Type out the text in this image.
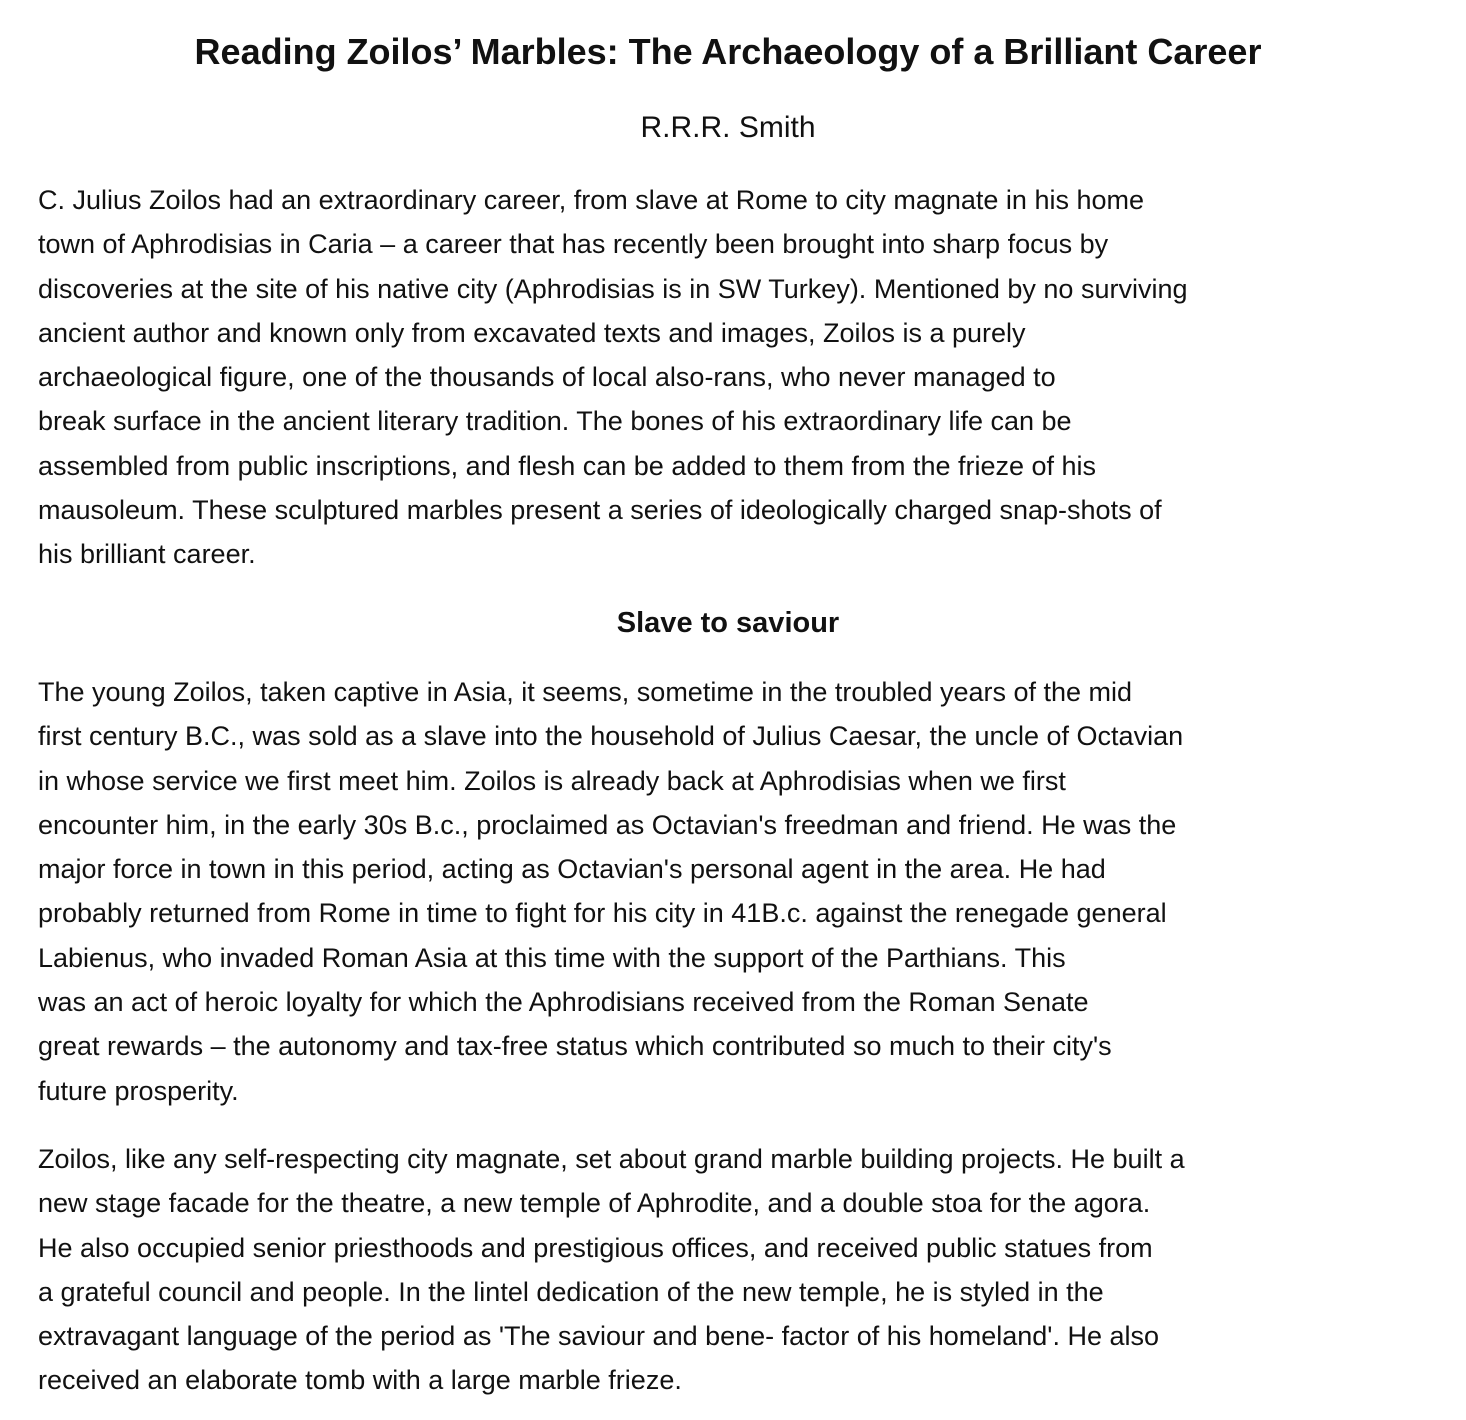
Reading Zoilos’ Marbles: The Archaeology of a Brilliant Career
R.R.R. Smith
C. Julius Zoilos had an extraordinary career, from slave at Rome to city magnate in his home
town of Aphrodisias in Caria – a career that has recently been brought into sharp focus by
discoveries at the site of his native city (Aphrodisias is in SW Turkey). Mentioned by no surviving
ancient author and known only from excavated texts and images, Zoilos is a purely
archaeological figure, one of the thousands of local also-rans, who never managed to
break surface in the ancient literary tradition. The bones of his extraordinary life can be
assembled from public inscriptions, and flesh can be added to them from the frieze of his
mausoleum. These sculptured marbles present a series of ideologically charged snap-shots of
his brilliant career.
Slave to saviour
The young Zoilos, taken captive in Asia, it seems, sometime in the troubled years of the mid
first century B.C., was sold as a slave into the household of Julius Caesar, the uncle of Octavian
in whose service we first meet him. Zoilos is already back at Aphrodisias when we first
encounter him, in the early 30s B.c., proclaimed as Octavian's freedman and friend. He was the
major force in town in this period, acting as Octavian's personal agent in the area. He had
probably returned from Rome in time to fight for his city in 41B.c. against the renegade general
Labienus, who invaded Roman Asia at this time with the support of the Parthians. This
was an act of heroic loyalty for which the Aphrodisians received from the Roman Senate
great rewards – the autonomy and tax-free status which contributed so much to their city's
future prosperity.
Zoilos, like any self-respecting city magnate, set about grand marble building projects. He built a
new stage facade for the theatre, a new temple of Aphrodite, and a double stoa for the agora.
He also occupied senior priesthoods and prestigious offices, and received public statues from
a grateful council and people. In the lintel dedication of the new temple, he is styled in the
extravagant language of the period as 'The saviour and bene- factor of his homeland'. He also
received an elaborate tomb with a large marble frieze.
